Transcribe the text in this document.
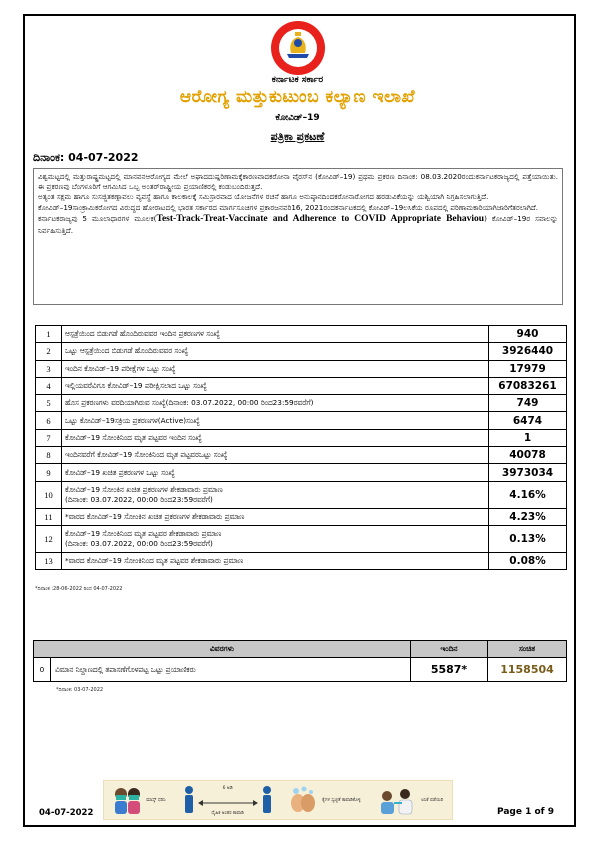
ಕರ್ನಾಟಕ ಸರ್ಕಾರ
ಆರೋಗ್ಯ ಮತ್ತುಕುಟುಂಬ ಕಲ್ಯಾಣ ಇಲಾಖೆ
ಕೋವಿಡ್–19
ಪತ್ರಿಕಾ ಪ್ರಕಟಣೆ
ದಿನಾಂಕ: 04-07-2022

ವಿಶ್ವಮಟ್ಟದಲ್ಲಿ ಮತ್ತುರಾಷ್ಟ್ರಮಟ್ಟದಲ್ಲಿ ಮಾನವನಆರೋಗ್ಯದ ಮೇಲೆ ಅಘಾದದುಷ್ಪರಿಣಾಮಕ್ಕೆಕಾರಣವಾದಕರೋನಾ ವೈರಸ್‌ನ (ಕೋವಿಡ್–19) ಪ್ರಥಮ ಪ್ರಕರಣ ದಿನಾಂಕ: 08.03.2020ರಂದುಕರ್ನಾಟಕರಾಜ್ಯದಲ್ಲಿ ಪತ್ತೆಯಾಯಿತು. ಈ ಪ್ರಕರಣವು ಬೆಂಗಳೂರಿಗೆ ಆಗಮಿಸಿದ ಒಬ್ಬ ಅಂತರ್‌ರಾಷ್ಟ್ರೀಯ ಪ್ರಯಾಣಿಕರಲ್ಲಿ ಕಂಡುಬಂದಿರುತ್ತದೆ.

ಅತ್ಯಂತ ಸಕ್ಷಮ ಹಾಗೂ ಸುಸಜ್ಜಿತಕಣ್ಗಾವಲು ವ್ಯವಸ್ಥೆ ಹಾಗೂ ಕಾಲಕಾಲಕ್ಕೆ ಸಮಿಸ್ರಾರವಾದ ಯೋಜನೆಗಳ ರಚನೆ ಹಾಗೂ ಅನುಷ್ಠಾನದಿಂದಕರೋನಾರೋಗದ ಹರಡುವಿಕೆಯನ್ನು ಯಶ್ವಿಯಾಗಿ ನಿಗ್ರಹಿಸಲಾಗುತ್ತಿದೆ.

ಕೋವಿಡ್–19ಸಾಂಕ್ರಾಮಿಕರೋಗದ ವಿರುದ್ಧದ ಹೋರಾಟದಲ್ಲಿ ಭಾರತ ಸರ್ಕಾರದ ಮಾರ್ಗಸೂಚಿಗಳ ಪ್ರಕಾರಜನವರಿ16, 2021ರಂದಕರ್ನಾಟಕದಲ್ಲಿ ಕೋವಿಡ್–19ಲಸಿಕೆಯ ರೂಪದಲ್ಲಿ ಪರಿಣಾಮಕಾರಿಯಾಗಿಜಾರಿಗೆತರಲಾಗಿದೆ.

ಕರ್ನಾಟಕರಾಜ್ಯವು 5 ಮೂಲಾಧಾರಗಳ ಮೂಲಕ(Test-Track-Treat-Vaccinate and Adherence to COVID Appropriate Behaviou) ಕೋವಿಡ್–19ರ ಸವಾಲನ್ನು ನಿರ್ವಹಿಸುತ್ತಿದೆ.

1	ಆಸ್ಪತ್ರೆಯಿಂದ ಬಿಡುಗಡೆ ಹೊಂದಿರುವವರ ಇಂದಿನ ಪ್ರಕರಣಗಳ ಸಂಖ್ಯೆ	940
2	ಒಟ್ಟು ಆಸ್ಪತ್ರೆಯಿಂದ ಬಿಡುಗಡೆ ಹೊಂದಿರುವವರ ಸಂಖ್ಯೆ	3926440
3	ಇಂದಿನ ಕೋವಿಡ್–19 ಪರೀಕ್ಷೆಗಳ ಒಟ್ಟು ಸಂಖ್ಯೆ	17979
4	ಇಲ್ಲಿಯವರೆವಿಗೂ ಕೋವಿಡ್–19 ಪರೀಕ್ಷಿಸಲಾದ ಒಟ್ಟು ಸಂಖ್ಯೆ	67083261
5	ಹೊಸ ಪ್ರಕರಣಗಳು ವರದಿಯಾಗಿರುವ ಸಂಖ್ಯೆ(ದಿನಾಂಕ: 03.07.2022, 00:00 ರಿಂದ23:59ರವರೆಗೆ)	749
6	ಒಟ್ಟು ಕೋವಿಡ್–19ಸಕ್ರಿಯ ಪ್ರಕರಣಗಳ(Active)ಸಂಖ್ಯೆ	6474
7	ಕೋವಿಡ್–19 ಸೋಂಕಿನಿಂದ ಮೃತ ಪಟ್ಟವರ ಇಂದಿನ ಸಂಖ್ಯೆ	1
8	ಇಂದಿನವರೆಗೆ ಕೋವಿಡ್–19 ಸೋಂಕಿನಿಂದ ಮೃತ ಪಟ್ಟವರಒಟ್ಟು ಸಂಖ್ಯೆ	40078
9	ಕೋವಿಡ್–19 ಖಚಿತ ಪ್ರಕರಣಗಳ ಒಟ್ಟು ಸಂಖ್ಯೆ	3973034
10	ಕೋವಿಡ್–19 ಸೋಂಕಿನ ಖಚಿತ ಪ್ರಕರಣಗಳ ಶೇಕಡಾವಾರು ಪ್ರಮಾಣ
(ದಿನಾಂಕ: 03.07.2022, 00:00 ರಿಂದ23:59ರವರೆಗೆ)	4.16%
11	*ವಾರದ ಕೋವಿಡ್–19 ಸೋಂಕಿನ ಖಚಿತ ಪ್ರಕರಣಗಳ ಶೇಕಡಾವಾರು ಪ್ರಮಾಣ	4.23%
12	ಕೋವಿಡ್–19 ಸೋಂಕಿನಿಂದ ಮೃತ ಪಟ್ಟವರ ಶೇಕಡಾವಾರು ಪ್ರಮಾಣ
(ದಿನಾಂಕ: 03.07.2022, 00:00 ರಿಂದ23:59ರವರೆಗೆ)	0.13%
13	*ವಾರದ ಕೋವಿಡ್–19 ಸೋಂಕಿನಿಂದ ಮೃತ ಪಟ್ಟವರ ಶೇಕಡಾವಾರು ಪ್ರಮಾಣ	0.08%
*ದಿನಾಂಕ :28-06-2022 ರಿಂದ 04-07-2022
ವಿವರಗಳು		ಇಂದಿನ	ಸಂಚಿತ
0	ವಿಮಾನ ನಿಲ್ದಾಣದಲ್ಲಿ ತಪಾಸಣೆಗೊಳಪಟ್ಟ ಒಟ್ಟು ಪ್ರಯಾಣಿಕರು	5587*	1158504
*ದಿನಾಂಕ: 03-07-2022
ಮಾಸ್ಕ್ ಧರಿಸಿ
6 ಅಡಿ
ದೈಹಿಕ ಅಂತರ ಕಾಪಾಡಿ
ಕೈಗಳ ಸ್ವಚ್ಛತೆ ಕಾಪಾಡಿಕೊಳ್ಳಿ	ಲಸಿಕೆ ಪಡೆಯಿರಿ
04-07-2022	Page 1 of 9
